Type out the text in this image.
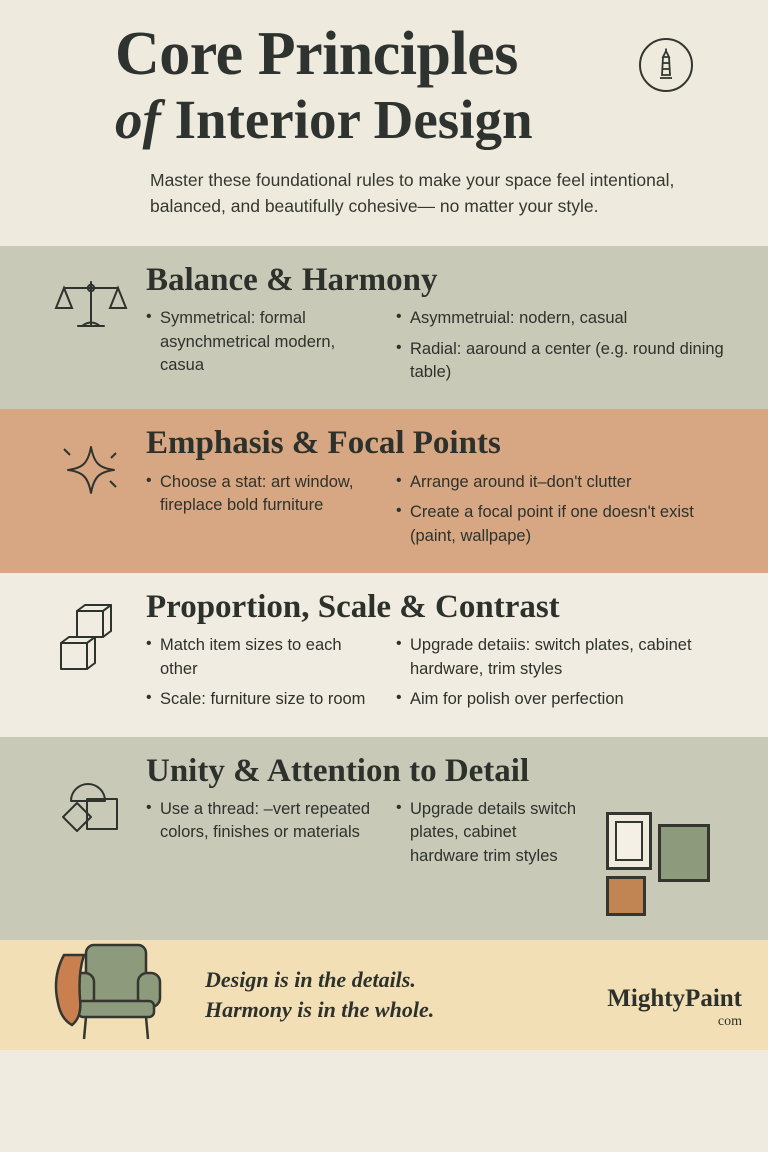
Core Principles
of Interior Design
Master these foundational rules to make your space feel intentional, balanced, and beautifully cohesive— no matter your style.
Balance & Harmony
• Symmetrical: formal asynchmetrical modern, casua
• Asymmetruial: nodern, casual
• Radial: aaround a center (e.g. round dining table)
Emphasis & Focal Points
• Choose a stat: art window, fireplace bold furniture
• Arrange around it–don't clutter
• Create a focal point if one doesn't exist (paint, wallpape)
Proportion, Scale & Contrast
• Match item sizes to each other
• Scale: furniture size to room
• Upgrade detaiis: switch plates, cabinet hardware, trim styles
• Aim for polish over perfection
Unity & Attention to Detail
• Use a thread: –vert repeated colors, finishes or materials
• Upgrade details switch plates, cabinet hardware trim styles
Design is in the details.
Harmony is in the whole.	MightyPaint
com
